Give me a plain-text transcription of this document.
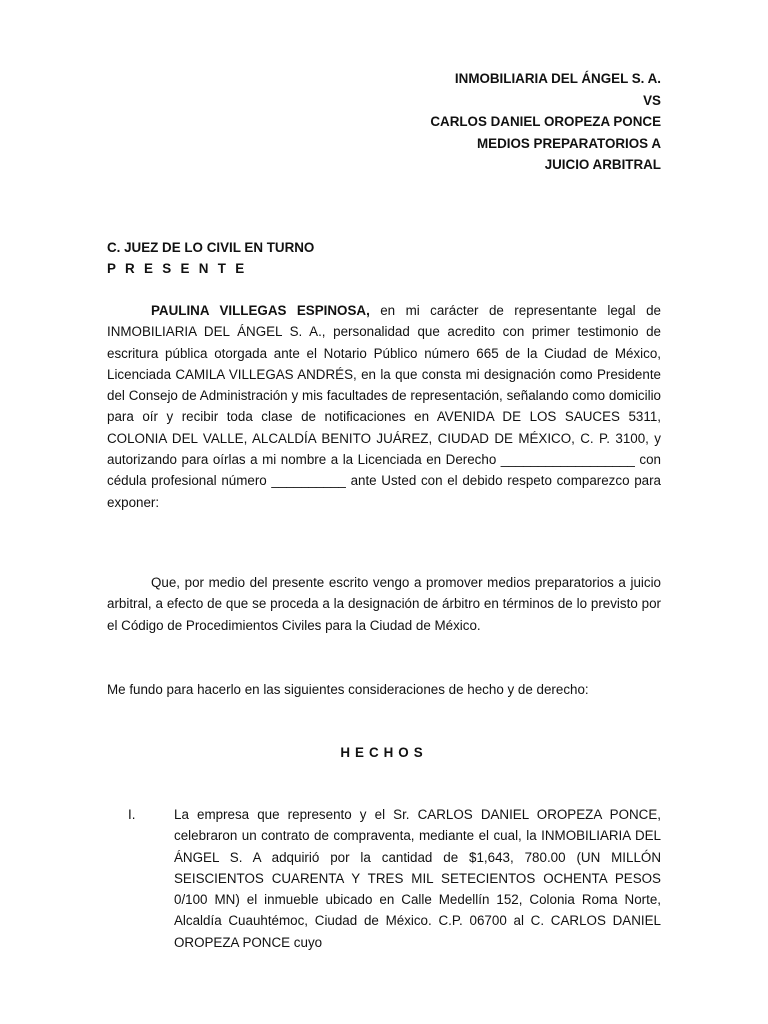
INMOBILIARIA DEL ÁNGEL S. A.
VS
CARLOS DANIEL OROPEZA PONCE
MEDIOS PREPARATORIOS A
JUICIO ARBITRAL
C. JUEZ DE LO CIVIL EN TURNO
P R E S E N T E
PAULINA VILLEGAS ESPINOSA, en mi carácter de representante legal de INMOBILIARIA DEL ÁNGEL S. A., personalidad que acredito con primer testimonio de escritura pública otorgada ante el Notario Público número 665 de la Ciudad de México, Licenciada CAMILA VILLEGAS ANDRÉS, en la que consta mi designación como Presidente del Consejo de Administración y mis facultades de representación, señalando como domicilio para oír y recibir toda clase de notificaciones en AVENIDA DE LOS SAUCES 5311, COLONIA DEL VALLE, ALCALDÍA BENITO JUÁREZ, CIUDAD DE MÉXICO, C. P. 3100, y autorizando para oírlas a mi nombre a la Licenciada en Derecho __________________ con cédula profesional número __________ ante Usted con el debido respeto comparezco para exponer:
Que, por medio del presente escrito vengo a promover medios preparatorios a juicio arbitral, a efecto de que se proceda a la designación de árbitro en términos de lo previsto por el Código de Procedimientos Civiles para la Ciudad de México.
Me fundo para hacerlo en las siguientes consideraciones de hecho y de derecho:
HECHOS
I.	La empresa que represento y el Sr. CARLOS DANIEL OROPEZA PONCE, celebraron un contrato de compraventa, mediante el cual, la INMOBILIARIA DEL ÁNGEL S. A adquirió por la cantidad de $1,643, 780.00 (UN MILLÓN SEISCIENTOS CUARENTA Y TRES MIL SETECIENTOS OCHENTA PESOS 0/100 MN) el inmueble ubicado en Calle Medellín 152, Colonia Roma Norte, Alcaldía Cuauhtémoc, Ciudad de México. C.P. 06700 al C. CARLOS DANIEL OROPEZA PONCE cuyo
